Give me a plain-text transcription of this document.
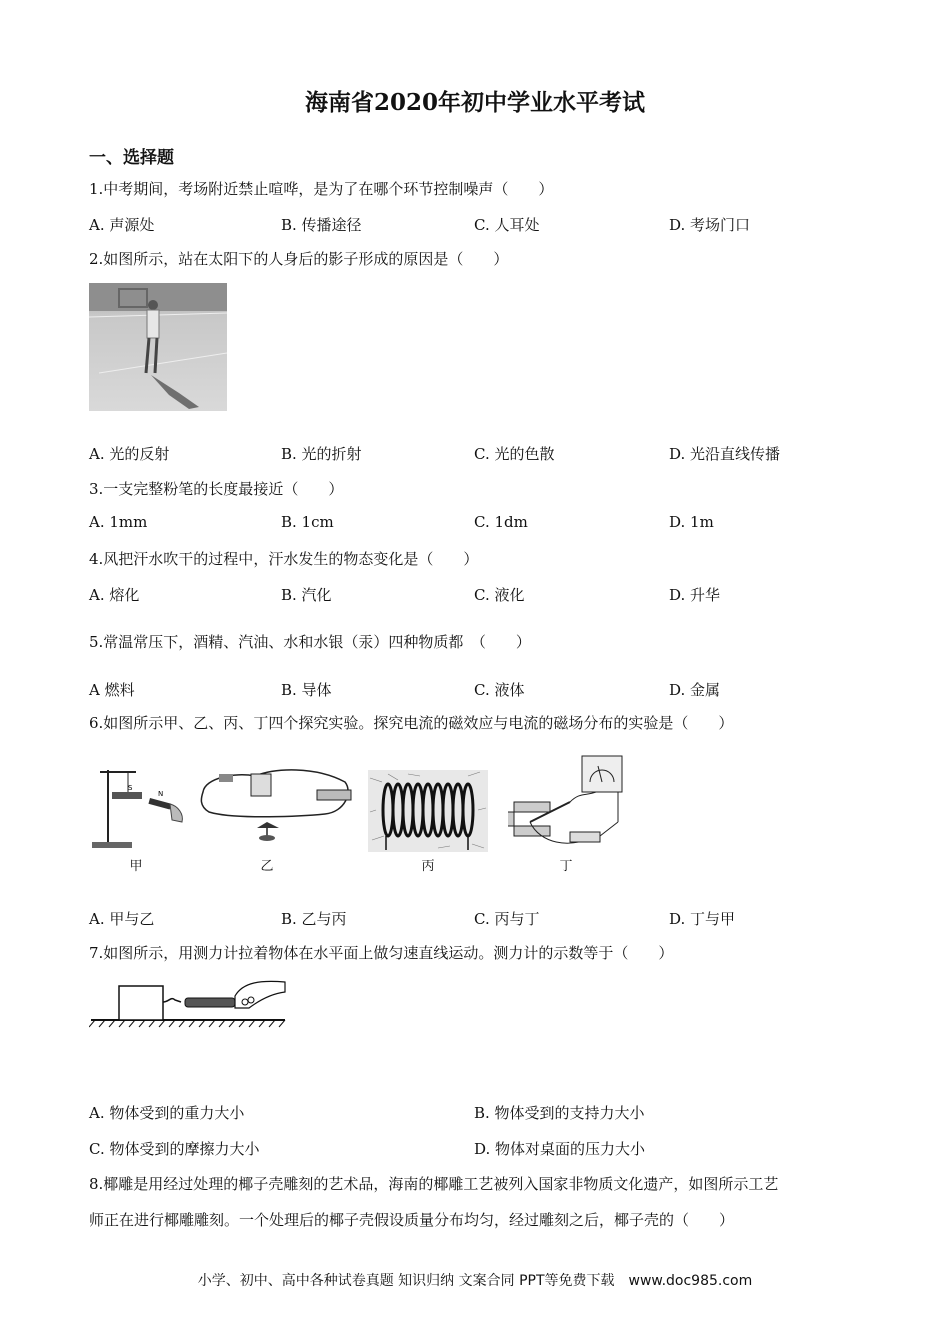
海南省2020年初中学业水平考试
一、选择题
1.中考期间，考场附近禁止喧哗，是为了在哪个环节控制噪声（　　）
A. 声源处	B. 传播途径	C. 人耳处	D. 考场门口
2.如图所示，站在太阳下的人身后的影子形成的原因是（　　）
A. 光的反射	B. 光的折射	C. 光的色散	D. 光沿直线传播
3.一支完整粉笔的长度最接近（　　）
A. 1mm	B. 1cm	C. 1dm	D. 1m
4.风把汗水吹干的过程中，汗水发生的物态变化是（　　）
A. 熔化	B. 汽化	C. 液化	D. 升华
5.常温常压下，酒精、汽油、水和水银（汞）四种物质都　（　　）
A 燃料	B. 导体	C. 液体	D. 金属
6.如图所示甲、乙、丙、丁四个探究实验。探究电流的磁效应与电流的磁场分布的实验是（　　）
S
N
甲	乙	丙	丁
A. 甲与乙	B. 乙与丙	C. 丙与丁	D. 丁与甲
7.如图所示，用测力计拉着物体在水平面上做匀速直线运动。测力计的示数等于（　　）
A. 物体受到的重力大小	B. 物体受到的支持力大小
C. 物体受到的摩擦力大小	D. 物体对桌面的压力大小
8.椰雕是用经过处理的椰子壳雕刻的艺术品，海南的椰雕工艺被列入国家非物质文化遗产，如图所示工艺
师正在进行椰雕雕刻。一个处理后的椰子壳假设质量分布均匀，经过雕刻之后，椰子壳的（　　）
小学、初中、高中各种试卷真题 知识归纳 文案合同 PPT等免费下载　www.doc985.com
